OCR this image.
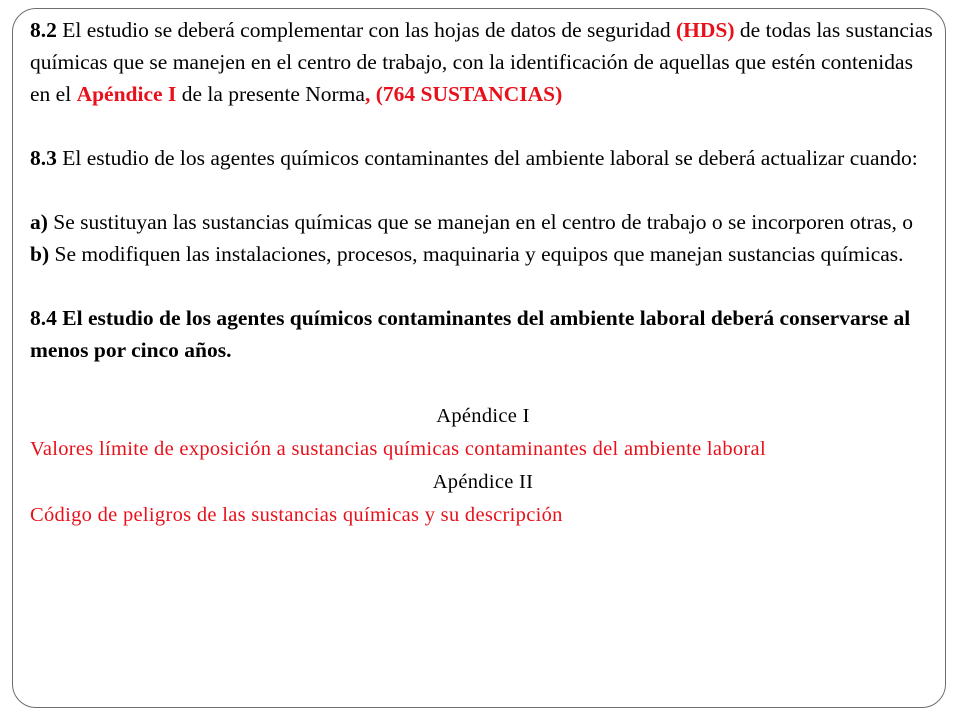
8.2 El estudio se deberá complementar con las hojas de datos de seguridad (HDS) de todas las sustancias químicas que se manejen en el centro de trabajo, con la identificación de aquellas que estén contenidas en el Apéndice I de la presente Norma, (764 SUSTANCIAS)

8.3 El estudio de los agentes químicos contaminantes del ambiente laboral se deberá actualizar cuando:

a) Se sustituyan las sustancias químicas que se manejan en el centro de trabajo o se incorporen otras, o

b) Se modifiquen las instalaciones, procesos, maquinaria y equipos que manejan sustancias químicas.

8.4 El estudio de los agentes químicos contaminantes del ambiente laboral deberá conservarse al menos por cinco años.

Apéndice I
Valores límite de exposición a sustancias químicas contaminantes del ambiente laboral
Apéndice II
Código de peligros de las sustancias químicas y su descripción
